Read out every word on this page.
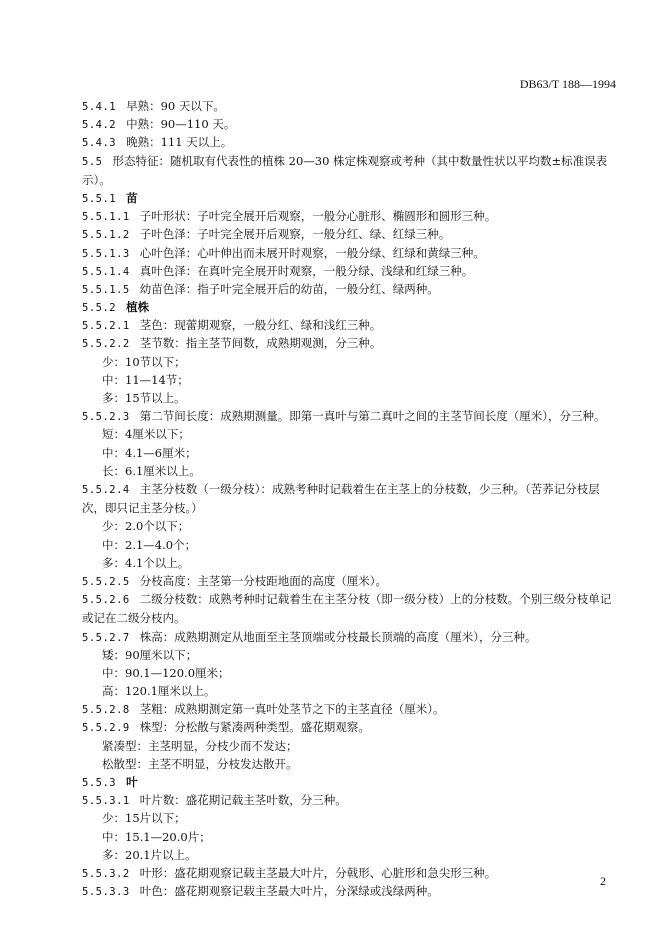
DB63/T 188—1994
5.4.1 早熟：90 天以下。
5.4.2 中熟：90—110 天。
5.4.3 晚熟：111 天以上。
5.5 形态特征：随机取有代表性的植株 20—30 株定株观察或考种（其中数量性状以平均数±标准误表示）。
5.5.1 苗
5.5.1.1 子叶形状：子叶完全展开后观察，一般分心脏形、椭圆形和圆形三种。
5.5.1.2 子叶色泽：子叶完全展开后观察，一般分红、绿、红绿三种。
5.5.1.3 心叶色泽：心叶伸出而未展开时观察，一般分绿、红绿和黄绿三种。
5.5.1.4 真叶色泽：在真叶完全展开时观察，一般分绿、浅绿和红绿三种。
5.5.1.5 幼苗色泽：指子叶完全展开后的幼苗，一般分红、绿两种。
5.5.2 植株
5.5.2.1 茎色：现蕾期观察，一般分红、绿和浅红三种。
5.5.2.2 茎节数：指主茎节间数，成熟期观测，分三种。
少：10节以下；
中：11—14节；
多：15节以上。
5.5.2.3 第二节间长度：成熟期测量。即第一真叶与第二真叶之间的主茎节间长度（厘米），分三种。
短：4厘米以下；
中：4.1—6厘米；
长：6.1厘米以上。
5.5.2.4 主茎分枝数（一级分枝）：成熟考种时记载着生在主茎上的分枝数，少三种。（苦荞记分枝层次，即只记主茎分枝。）
少：2.0个以下；
中：2.1—4.0个；
多：4.1个以上。
5.5.2.5 分枝高度：主茎第一分枝距地面的高度（厘米）。
5.5.2.6 二级分枝数：成熟考种时记载着生在主茎分枝（即一级分枝）上的分枝数。个别三级分枝单记或记在二级分枝内。
5.5.2.7 株高：成熟期测定从地面至主茎顶端或分枝最长顶端的高度（厘米），分三种。
矮：90厘米以下；
中：90.1—120.0厘米；
高：120.1厘米以上。
5.5.2.8 茎粗：成熟期测定第一真叶处茎节之下的主茎直径（厘米）。
5.5.2.9 株型：分松散与紧凑两种类型。盛花期观察。
紧凑型：主茎明显，分枝少而不发达；
松散型：主茎不明显，分枝发达散开。
5.5.3 叶
5.5.3.1 叶片数：盛花期记载主茎叶数，分三种。
少：15片以下；
中：15.1—20.0片；
多：20.1片以上。
5.5.3.2 叶形：盛花期观察记载主茎最大叶片，分戟形、心脏形和急尖形三种。
5.5.3.3 叶色：盛花期观察记载主茎最大叶片，分深绿或浅绿两种。
2
